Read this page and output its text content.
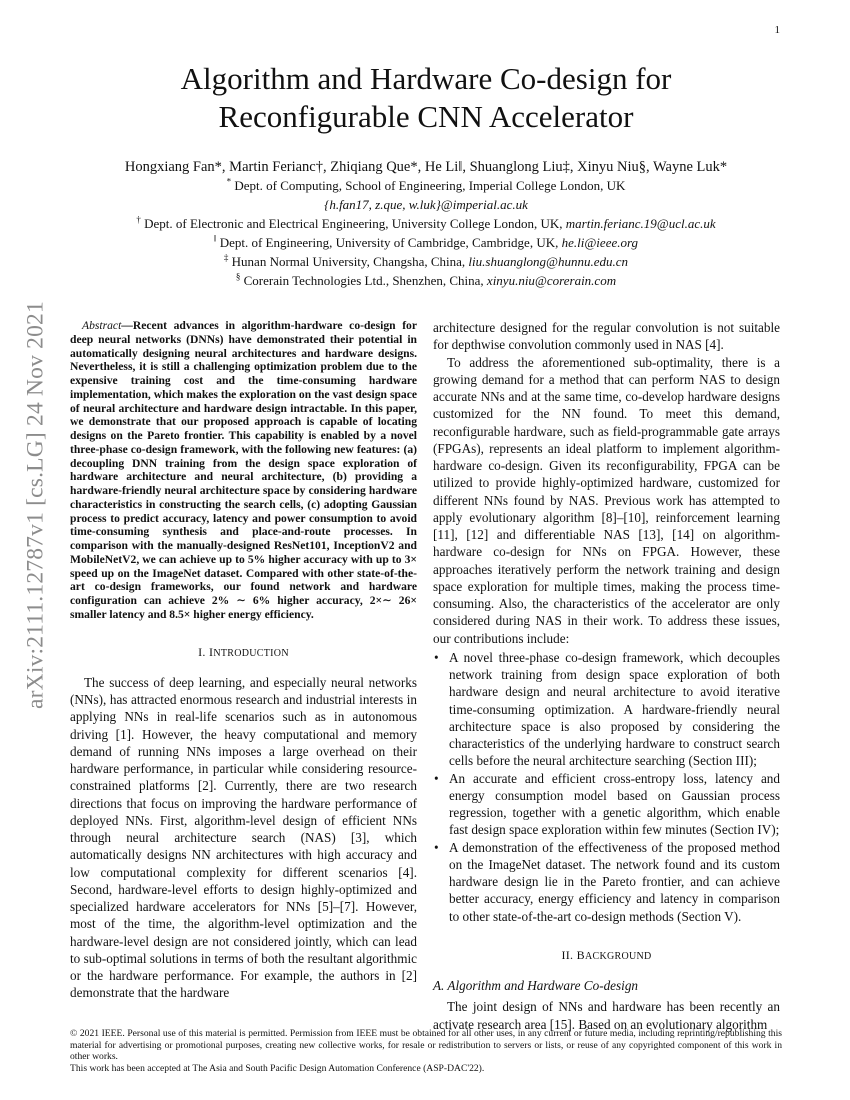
1
arXiv:2111.12787v1 [cs.LG] 24 Nov 2021
Algorithm and Hardware Co-design for
Reconfigurable CNN Accelerator
Hongxiang Fan*, Martin Ferianc†, Zhiqiang Que*, He Li‖, Shuanglong Liu‡, Xinyu Niu§, Wayne Luk*
* Dept. of Computing, School of Engineering, Imperial College London, UK
{h.fan17, z.que, w.luk}@imperial.ac.uk
† Dept. of Electronic and Electrical Engineering, University College London, UK, martin.ferianc.19@ucl.ac.uk
‖ Dept. of Engineering, University of Cambridge, Cambridge, UK, he.li@ieee.org
‡ Hunan Normal University, Changsha, China, liu.shuanglong@hunnu.edu.cn
§ Corerain Technologies Ltd., Shenzhen, China, xinyu.niu@corerain.com

Abstract—Recent advances in algorithm-hardware co-design for deep neural networks (DNNs) have demonstrated their potential in automatically designing neural architectures and hardware designs. Nevertheless, it is still a challenging optimization problem due to the expensive training cost and the time-consuming hardware implementation, which makes the exploration on the vast design space of neural architecture and hardware design intractable. In this paper, we demonstrate that our proposed approach is capable of locating designs on the Pareto frontier. This capability is enabled by a novel three-phase co-design framework, with the following new features: (a) decoupling DNN training from the design space exploration of hardware architecture and neural architecture, (b) providing a hardware-friendly neural architecture space by considering hardware characteristics in constructing the search cells, (c) adopting Gaussian process to predict accuracy, latency and power consumption to avoid time-consuming synthesis and place-and-route processes. In comparison with the manually-designed ResNet101, InceptionV2 and MobileNetV2, we can achieve up to 5% higher accuracy with up to 3× speed up on the ImageNet dataset. Compared with other state-of-the-art co-design frameworks, our found network and hardware configuration can achieve 2% ∼ 6% higher accuracy, 2×∼ 26× smaller latency and 8.5× higher energy efficiency.

I. INTRODUCTION

The success of deep learning, and especially neural networks (NNs), has attracted enormous research and industrial interests in applying NNs in real-life scenarios such as in autonomous driving [1]. However, the heavy computational and memory demand of running NNs imposes a large overhead on their hardware performance, in particular while considering resource-constrained platforms [2]. Currently, there are two research directions that focus on improving the hardware performance of deployed NNs. First, algorithm-level design of efficient NNs through neural architecture search (NAS) [3], which automatically designs NN architectures with high accuracy and low computational complexity for different scenarios [4]. Second, hardware-level efforts to design highly-optimized and specialized hardware accelerators for NNs [5]–[7]. However, most of the time, the algorithm-level optimization and the hardware-level design are not considered jointly, which can lead to sub-optimal solutions in terms of both the resultant algorithmic or the hardware performance. For example, the authors in [2] demonstrate that the hardware

architecture designed for the regular convolution is not suitable for depthwise convolution commonly used in NAS [4].

To address the aforementioned sub-optimality, there is a growing demand for a method that can perform NAS to design accurate NNs and at the same time, co-develop hardware designs customized for the NN found. To meet this demand, reconfigurable hardware, such as field-programmable gate arrays (FPGAs), represents an ideal platform to implement algorithm-hardware co-design. Given its reconfigurability, FPGA can be utilized to provide highly-optimized hardware, customized for different NNs found by NAS. Previous work has attempted to apply evolutionary algorithm [8]–[10], reinforcement learning [11], [12] and differentiable NAS [13], [14] on algorithm-hardware co-design for NNs on FPGA. However, these approaches iteratively perform the network training and design space exploration for multiple times, making the process time-consuming. Also, the characteristics of the accelerator are only considered during NAS in their work. To address these issues, our contributions include:

• A novel three-phase co-design framework, which decouples network training from design space exploration of both hardware design and neural architecture to avoid iterative time-consuming optimization. A hardware-friendly neural architecture space is also proposed by considering the characteristics of the underlying hardware to construct search cells before the neural architecture searching (Section III);
• An accurate and efficient cross-entropy loss, latency and energy consumption model based on Gaussian process regression, together with a genetic algorithm, which enable fast design space exploration within few minutes (Section IV);
• A demonstration of the effectiveness of the proposed method on the ImageNet dataset. The network found and its custom hardware design lie in the Pareto frontier, and can achieve better accuracy, energy efficiency and latency in comparison to other state-of-the-art co-design methods (Section V).
II. BACKGROUND
A. Algorithm and Hardware Co-design

The joint design of NNs and hardware has been recently an activate research area [15]. Based on an evolutionary algorithm

© 2021 IEEE. Personal use of this material is permitted. Permission from IEEE must be obtained for all other uses, in any current or future media, including reprinting/republishing this material for advertising or promotional purposes, creating new collective works, for resale or redistribution to servers or lists, or reuse of any copyrighted component of this work in other works.
This work has been accepted at The Asia and South Pacific Design Automation Conference (ASP-DAC'22).
